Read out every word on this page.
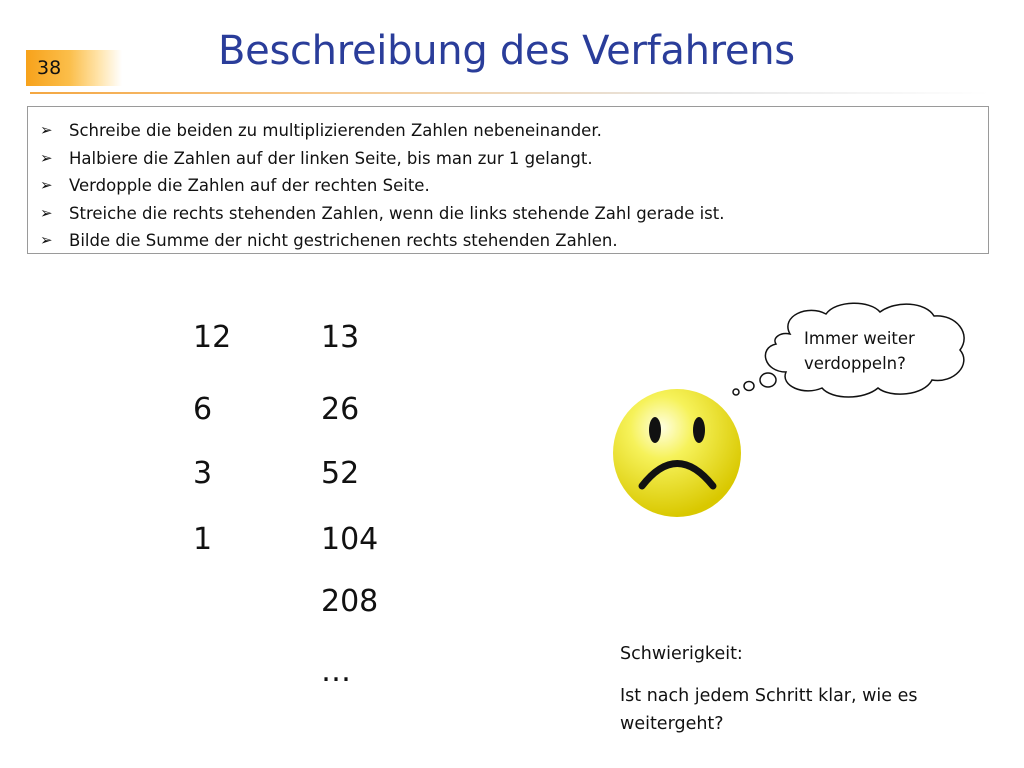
38	Beschreibung des Verfahrens
➢ Schreibe die beiden zu multiplizierenden Zahlen nebeneinander.
➢ Halbiere die Zahlen auf der linken Seite, bis man zur 1 gelangt.
➢ Verdopple die Zahlen auf der rechten Seite.
➢ Streiche die rechts stehenden Zahlen, wenn die links stehende Zahl gerade ist.
➢ Bilde die Summe der nicht gestrichenen rechts stehenden Zahlen.
12
6
3
1
13
26
52
104
208
…
Immer weiter
verdoppeln?
Schwierigkeit:
Ist nach jedem Schritt klar, wie es
weitergeht?
